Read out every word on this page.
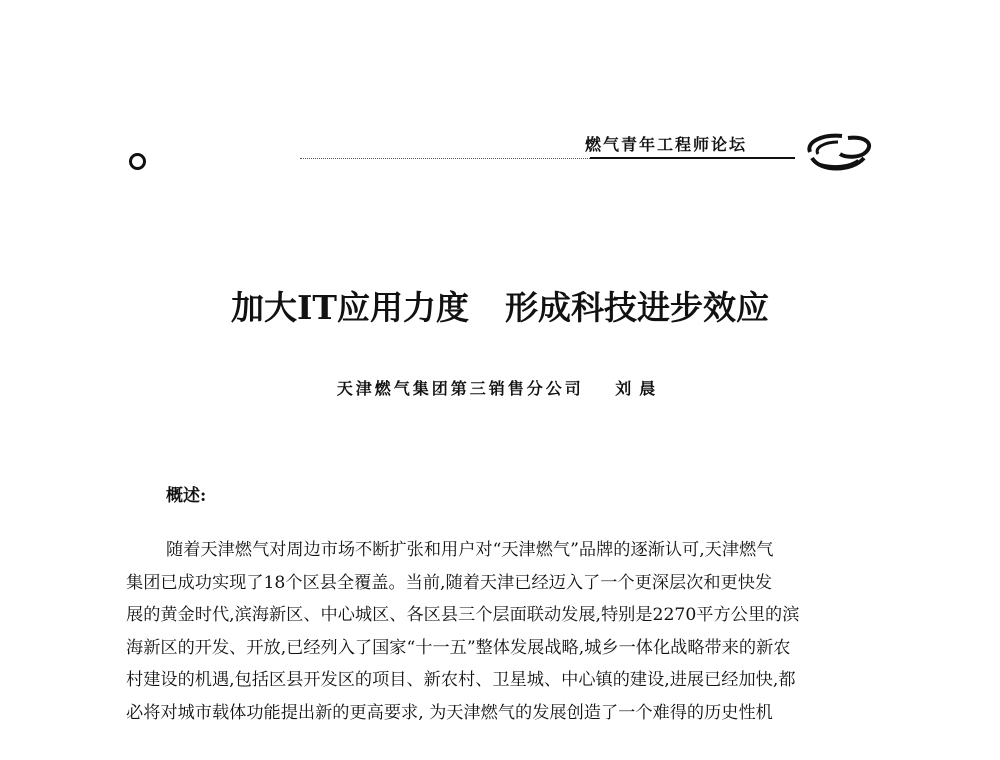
燃气青年工程师论坛

加大IT应用力度 形成科技进步效应
天津燃气集团第三销售分公司 刘晨
概述:
随着天津燃气对周边市场不断扩张和用户对“天津燃气”品牌的逐渐认可,天津燃气
集团已成功实现了18个区县全覆盖。当前,随着天津已经迈入了一个更深层次和更快发
展的黄金时代,滨海新区、中心城区、各区县三个层面联动发展,特别是2270平方公里的滨
海新区的开发、开放,已经列入了国家“十一五”整体发展战略,城乡一体化战略带来的新农
村建设的机遇,包括区县开发区的项目、新农村、卫星城、中心镇的建设,进展已经加快,都
必将对城市载体功能提出新的更高要求, 为天津燃气的发展创造了一个难得的历史性机
